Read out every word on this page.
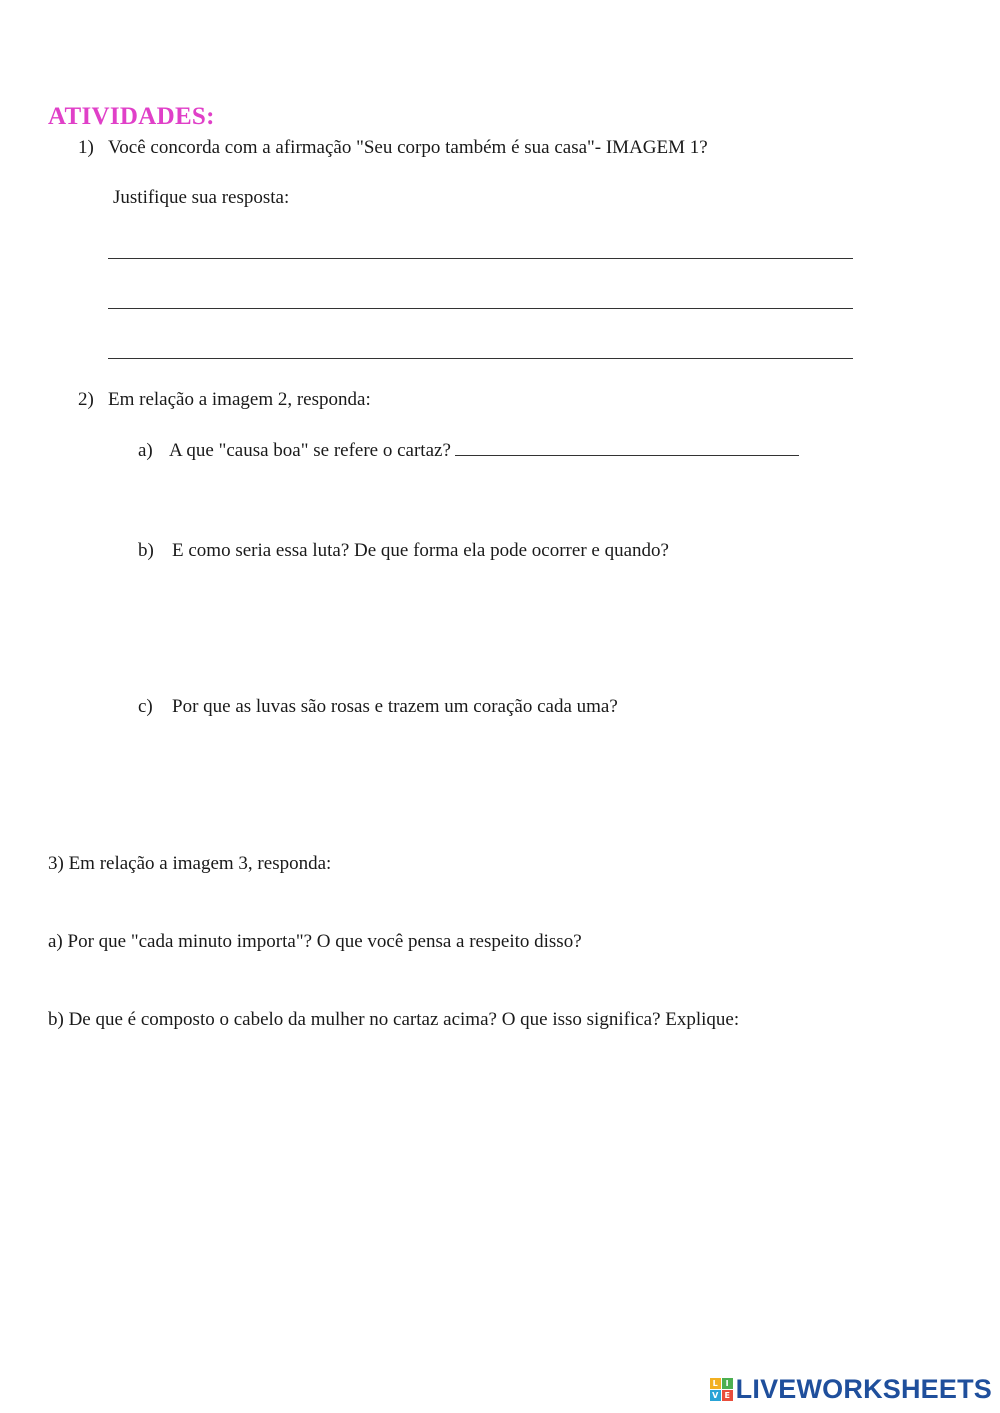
ATIVIDADES:
1) Você concorda com a afirmação "Seu corpo também é sua casa"- IMAGEM 1?
Justifique sua resposta:
2) Em relação a imagem 2, responda:
a) A que "causa boa" se refere o cartaz?
b) E como seria essa luta? De que forma ela pode ocorrer e quando?
c) Por que as luvas são rosas e trazem um coração cada uma?
3) Em relação a imagem 3, responda:
a) Por que "cada minuto importa"? O que você pensa a respeito disso?
b) De que é composto o cabelo da mulher no cartaz acima? O que isso significa? Explique:
L I
V E LIVEWORKSHEETS
